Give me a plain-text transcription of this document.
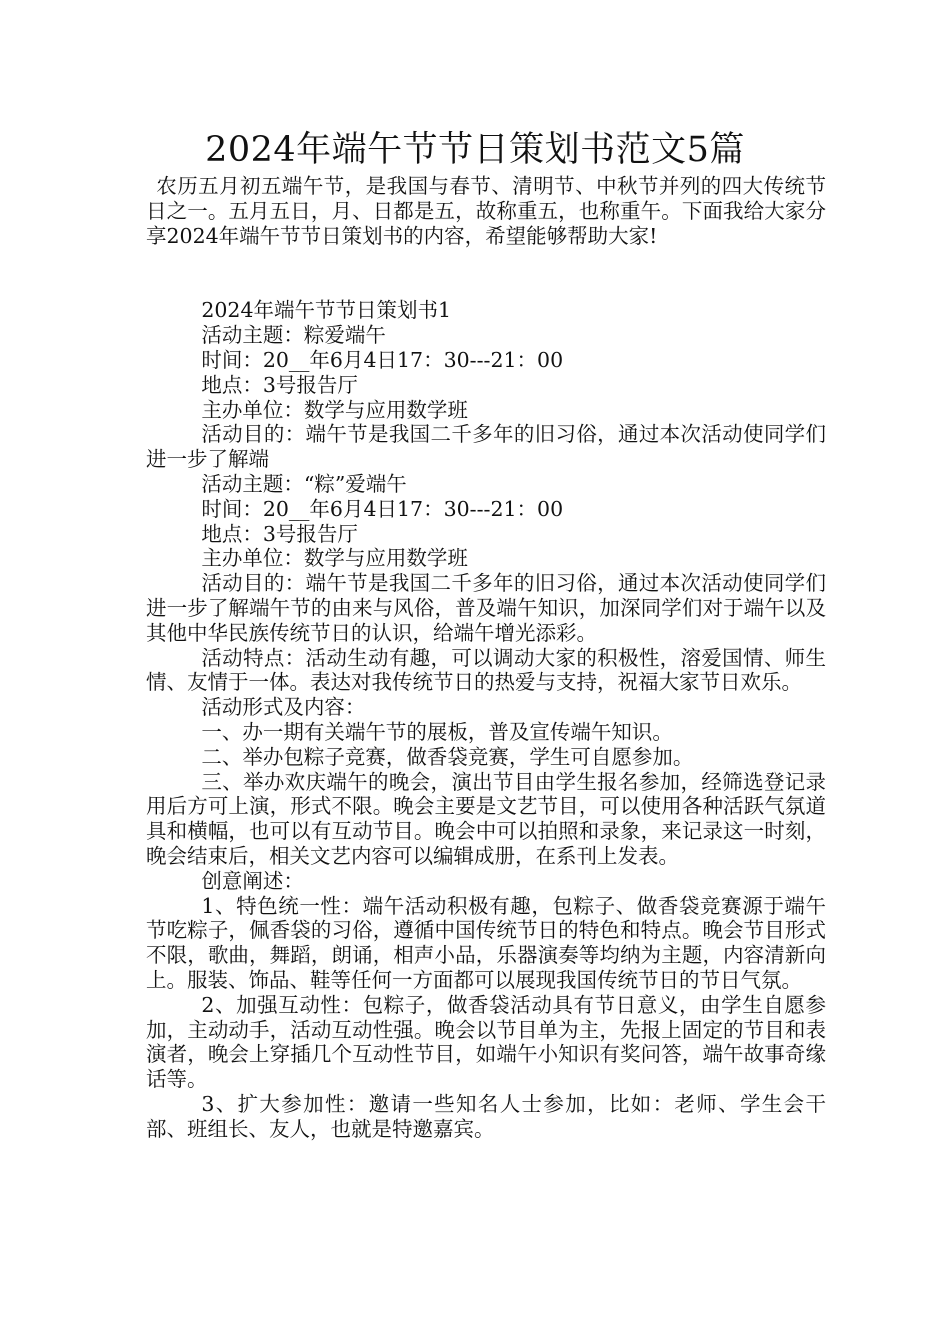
2024年端午节节日策划书范文5篇

农历五月初五端午节，是我国与春节、清明节、中秋节并列的四大传统节日之一。五月五日，月、日都是五，故称重五，也称重午。下面我给大家分享2024年端午节节日策划书的内容，希望能够帮助大家!

2024年端午节节日策划书1

活动主题：粽爱端午

时间：20__年6月4日17：30---21：00

地点：3号报告厅

主办单位：数学与应用数学班

活动目的：端午节是我国二千多年的旧习俗，通过本次活动使同学们进一步了解端

活动主题：“粽”爱端午

时间：20__年6月4日17：30---21：00

地点：3号报告厅

主办单位：数学与应用数学班

活动目的：端午节是我国二千多年的旧习俗，通过本次活动使同学们进一步了解端午节的由来与风俗，普及端午知识，加深同学们对于端午以及其他中华民族传统节日的认识，给端午增光添彩。

活动特点：活动生动有趣，可以调动大家的积极性，溶爱国情、师生情、友情于一体。表达对我传统节日的热爱与支持，祝福大家节日欢乐。

活动形式及内容：

一、办一期有关端午节的展板，普及宣传端午知识。

二、举办包粽子竞赛，做香袋竞赛，学生可自愿参加。

三、举办欢庆端午的晚会，演出节目由学生报名参加，经筛选登记录用后方可上演，形式不限。晚会主要是文艺节目，可以使用各种活跃气氛道具和横幅，也可以有互动节目。晚会中可以拍照和录象，来记录这一时刻，晚会结束后，相关文艺内容可以编辑成册，在系刊上发表。

创意阐述：

1、特色统一性：端午活动积极有趣，包粽子、做香袋竞赛源于端午节吃粽子，佩香袋的习俗，遵循中国传统节日的特色和特点。晚会节目形式不限，歌曲，舞蹈，朗诵，相声小品，乐器演奏等均纳为主题，内容清新向上。服装、饰品、鞋等任何一方面都可以展现我国传统节日的节日气氛。

2、加强互动性：包粽子，做香袋活动具有节日意义，由学生自愿参加，主动动手，活动互动性强。晚会以节目单为主，先报上固定的节目和表演者，晚会上穿插几个互动性节目，如端午小知识有奖问答，端午故事奇缘话等。

3、扩大参加性：邀请一些知名人士参加，比如：老师、学生会干部、班组长、友人，也就是特邀嘉宾。
